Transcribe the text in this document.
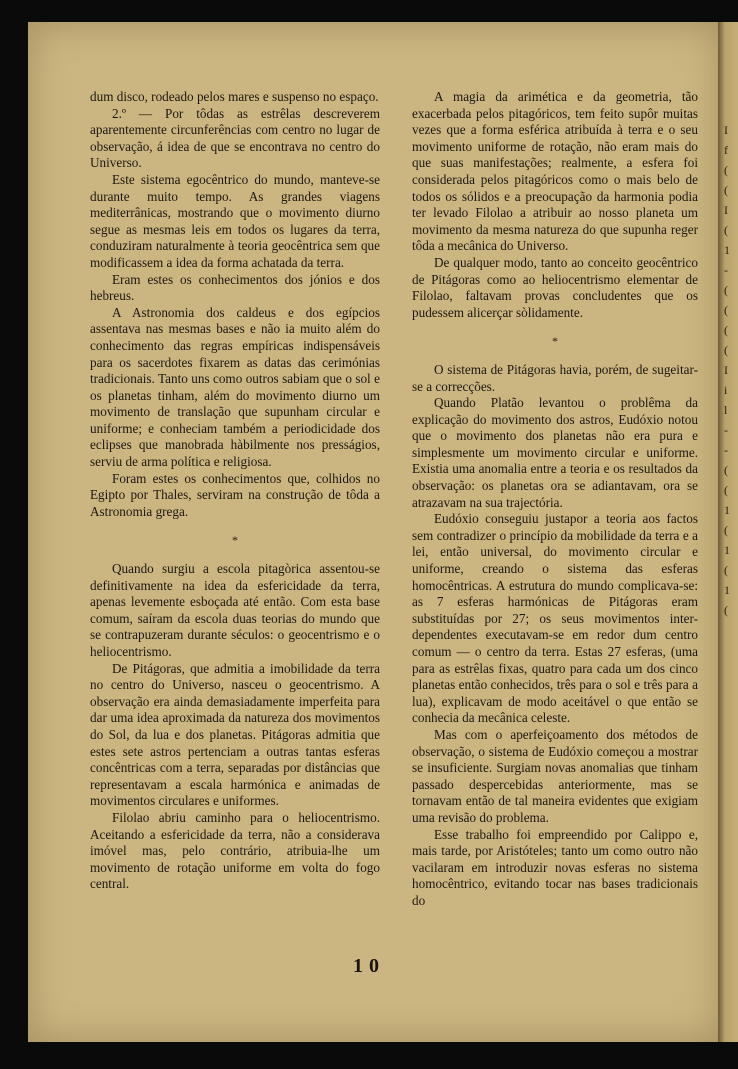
I
f
(
(
I
(
1
-
(
(
(
(
I
i
l
-
-
(
(
1
(
1
(
1
(

dum disco, rodeado pelos mares e suspenso no espaço.

2.º — Por tôdas as estrêlas descreverem aparentemente circunferências com centro no lugar de observação, á idea de que se encontrava no centro do Universo.

Este sistema egocêntrico do mundo, manteve-se durante muito tempo. As grandes viagens mediterrânicas, mostrando que o movimento diurno segue as mesmas leis em todos os lugares da terra, conduziram naturalmente à teoria geocêntrica sem que modificassem a idea da forma achatada da terra.

Eram estes os conhecimentos dos jónios e dos hebreus.

A Astronomia dos caldeus e dos egípcios assentava nas mesmas bases e não ia muito além do conhecimento das regras empíricas indispensáveis para os sacerdotes fixarem as datas das cerimónias tradicionais. Tanto uns como outros sabiam que o sol e os planetas tinham, além do movimento diurno um movimento de translação que supunham circular e uniforme; e conheciam também a periodicidade dos eclipses que manobrada hàbilmente nos presságios, serviu de arma política e religiosa.

Foram estes os conhecimentos que, colhidos no Egipto por Thales, serviram na construção de tôda a Astronomia grega.

*

Quando surgiu a escola pitagòrica assentou-se definitivamente na idea da esfericidade da terra, apenas levemente esboçada até então. Com esta base comum, saíram da escola duas teorias do mundo que se contrapuzeram durante séculos: o geocentrismo e o heliocentrismo.

De Pitágoras, que admitia a imobilidade da terra no centro do Universo, nasceu o geocentrismo. A observação era ainda demasiadamente imperfeita para dar uma idea aproximada da natureza dos movimentos do Sol, da lua e dos planetas. Pitágoras admitia que estes sete astros pertenciam a outras tantas esferas concêntricas com a terra, separadas por distâncias que representavam a escala harmónica e animadas de movimentos circulares e uniformes.

Filolao abriu caminho para o heliocentrismo. Aceitando a esfericidade da terra, não a considerava imóvel mas, pelo contrário, atribuia-lhe um movimento de rotação uniforme em volta do fogo central.

A magia da arimética e da geometria, tão exacerbada pelos pitagóricos, tem feito supôr muitas vezes que a forma esférica atribuída à terra e o seu movimento uniforme de rotação, não eram mais do que suas manifestações; realmente, a esfera foi considerada pelos pitagóricos como o mais belo de todos os sólidos e a preocupação da harmonia podia ter levado Filolao a atribuir ao nosso planeta um movimento da mesma natureza do que supunha reger tôda a mecânica do Universo.

De qualquer modo, tanto ao conceito geocêntrico de Pitágoras como ao heliocentrismo elementar de Filolao, faltavam provas concludentes que os pudessem alicerçar sòlidamente.

*

O sistema de Pitágoras havia, porém, de sugeitar-se a correcções.

Quando Platão levantou o problêma da explicação do movimento dos astros, Eudóxio notou que o movimento dos planetas não era pura e simplesmente um movimento circular e uniforme. Existia uma anomalia entre a teoria e os resultados da observação: os planetas ora se adiantavam, ora se atrazavam na sua trajectória.

Eudóxio conseguiu justapor a teoria aos factos sem contradizer o princípio da mobilidade da terra e a lei, então universal, do movimento circular e uniforme, creando o sistema das esferas homocêntricas. A estrutura do mundo complicava-se: as 7 esferas harmónicas de Pitágoras eram substituídas por 27; os seus movimentos inter-dependentes executavam-se em redor dum centro comum — o centro da terra. Estas 27 esferas, (uma para as estrêlas fixas, quatro para cada um dos cinco planetas então conhecidos, três para o sol e três para a lua), explicavam de modo aceitável o que então se conhecia da mecânica celeste.

Mas com o aperfeiçoamento dos métodos de observação, o sistema de Eudóxio começou a mostrar se insuficiente. Surgiam novas anomalias que tinham passado despercebidas anteriormente, mas se tornavam então de tal maneira evidentes que exigiam uma revisão do problema.

Esse trabalho foi empreendido por Calippo e, mais tarde, por Aristóteles; tanto um como outro não vacilaram em introduzir novas esferas no sistema homocêntrico, evitando tocar nas bases tradicionais do

10
